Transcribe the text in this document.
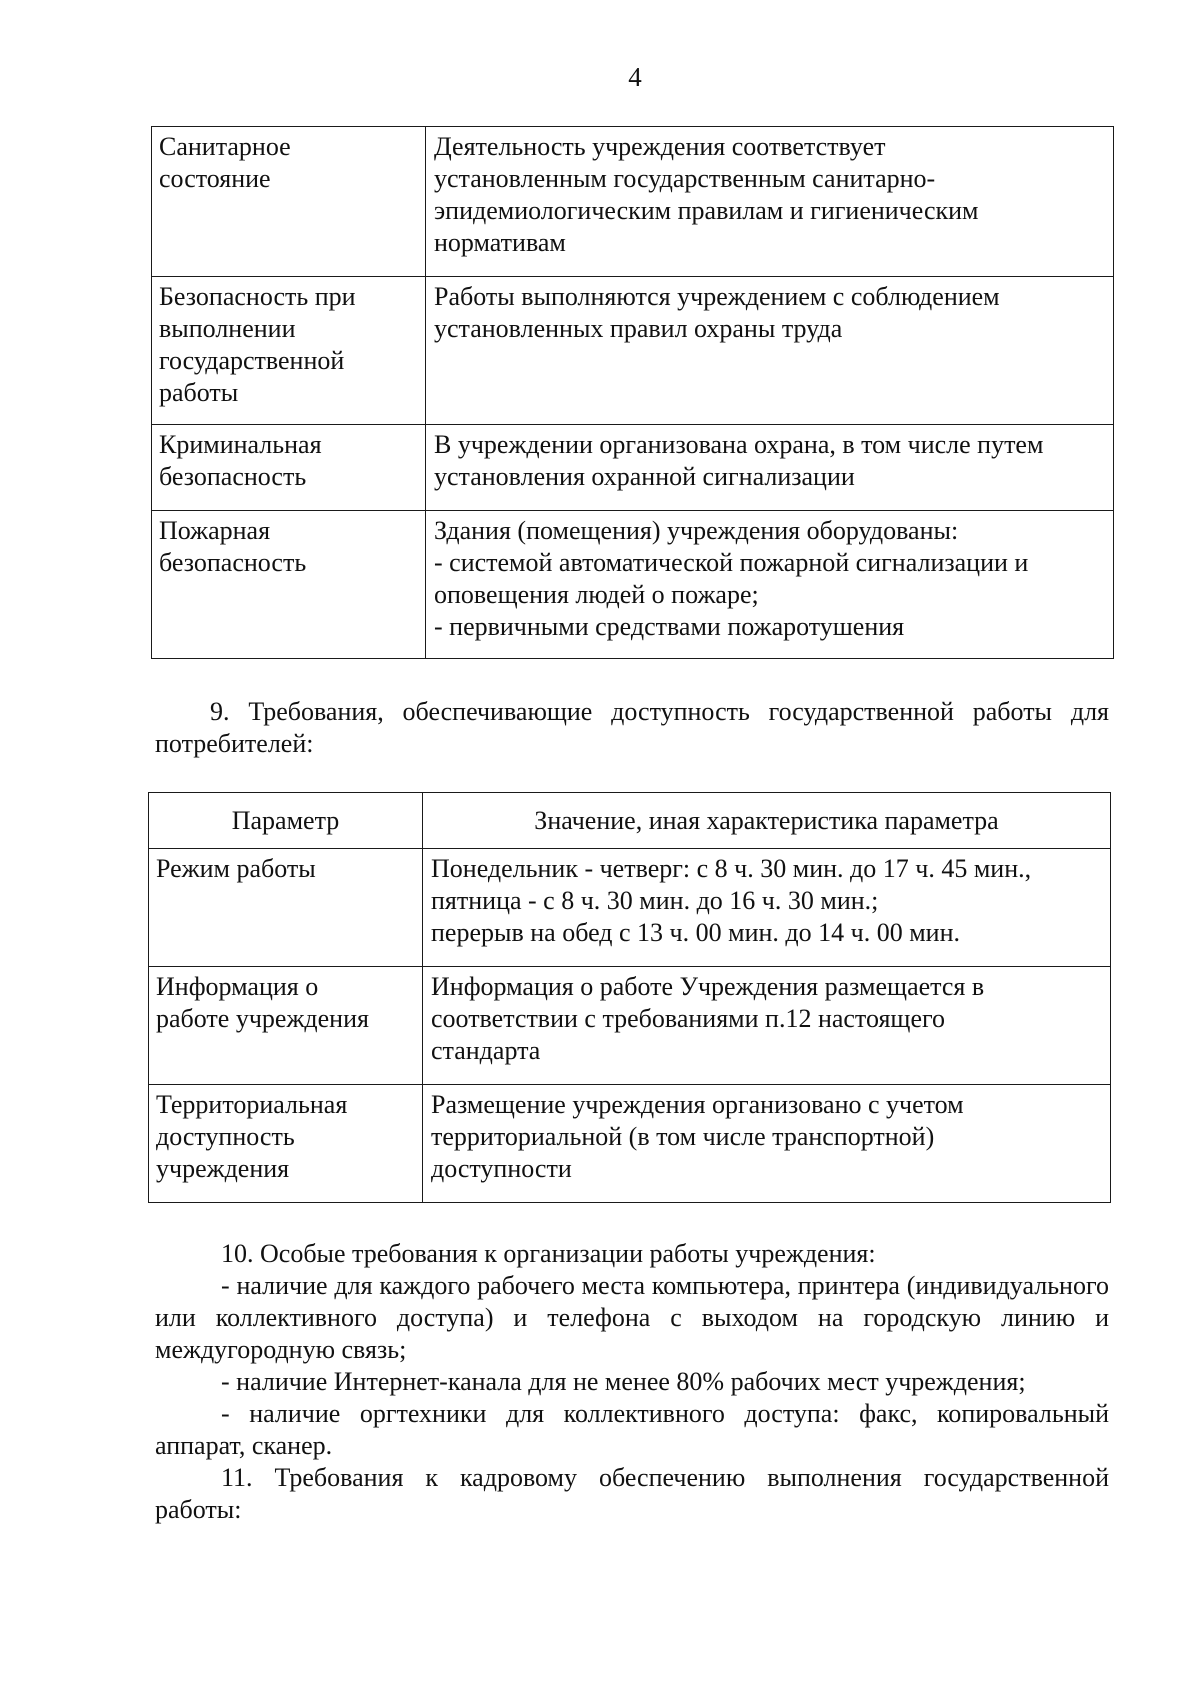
4
Санитарное
состояние	Деятельность учреждения соответствует
установленным государственным санитарно-
эпидемиологическим правилам и гигиеническим
нормативам

Безопасность при
выполнении
государственной
работы	Работы выполняются учреждением с соблюдением
установленных правил охраны труда

Криминальная
безопасность	В учреждении организована охрана, в том числе путем
установления охранной сигнализации

Пожарная
безопасность	Здания (помещения) учреждения оборудованы:
- системой автоматической пожарной сигнализации и
оповещения людей о пожаре;
- первичными средствами пожаротушения

9. Требования, обеспечивающие доступность государственной работы для потребителей:

Параметр	Значение, иная характеристика параметра

Режим работы	Понедельник - четверг: с 8 ч. 30 мин. до 17 ч. 45 мин.,
пятница - с 8 ч. 30 мин. до 16 ч. 30 мин.;
перерыв на обед с 13 ч. 00 мин. до 14 ч. 00 мин.

Информация о
работе учреждения	Информация о работе Учреждения размещается в
соответствии с требованиями п.12 настоящего
стандарта

Территориальная
доступность
учреждения	Размещение учреждения организовано с учетом
территориальной (в том числе транспортной)
доступности

10. Особые требования к организации работы учреждения:

- наличие для каждого рабочего места компьютера, принтера (индивидуального или коллективного доступа) и телефона с выходом на городскую линию и междугородную связь;

- наличие Интернет-канала для не менее 80% рабочих мест учреждения;

- наличие оргтехники для коллективного доступа: факс, копировальный аппарат, сканер.

11. Требования к кадровому обеспечению выполнения государственной работы:
